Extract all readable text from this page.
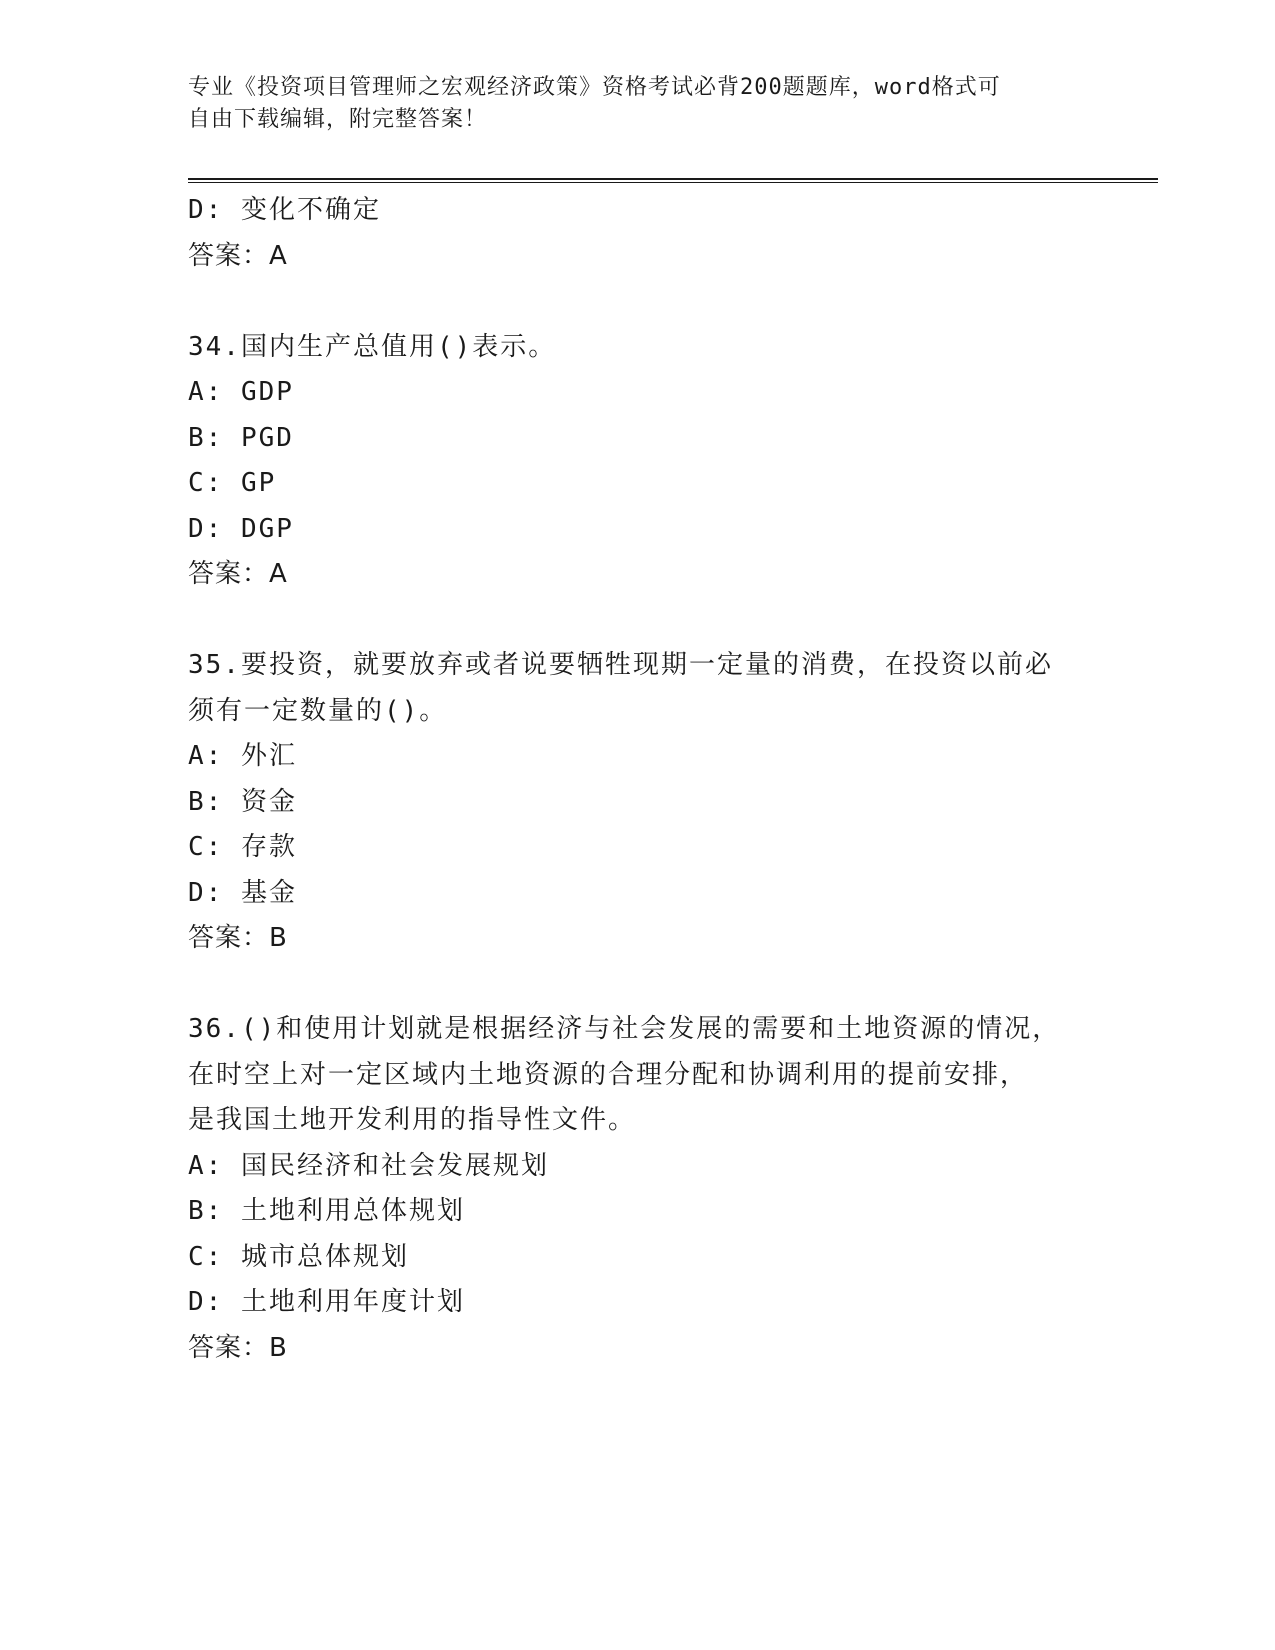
专业《投资项目管理师之宏观经济政策》资格考试必背200题题库，word格式可
自由下载编辑，附完整答案！
D: 变化不确定
答案：A
34.国内生产总值用()表示。
A: GDP
B: PGD
C: GP
D: DGP
答案：A
35.要投资，就要放弃或者说要牺牲现期一定量的消费，在投资以前必
须有一定数量的()。
A: 外汇
B: 资金
C: 存款
D: 基金
答案：B
36.()和使用计划就是根据经济与社会发展的需要和土地资源的情况，
在时空上对一定区域内土地资源的合理分配和协调利用的提前安排，
是我国土地开发利用的指导性文件。
A: 国民经济和社会发展规划
B: 土地利用总体规划
C: 城市总体规划
D: 土地利用年度计划
答案：B
